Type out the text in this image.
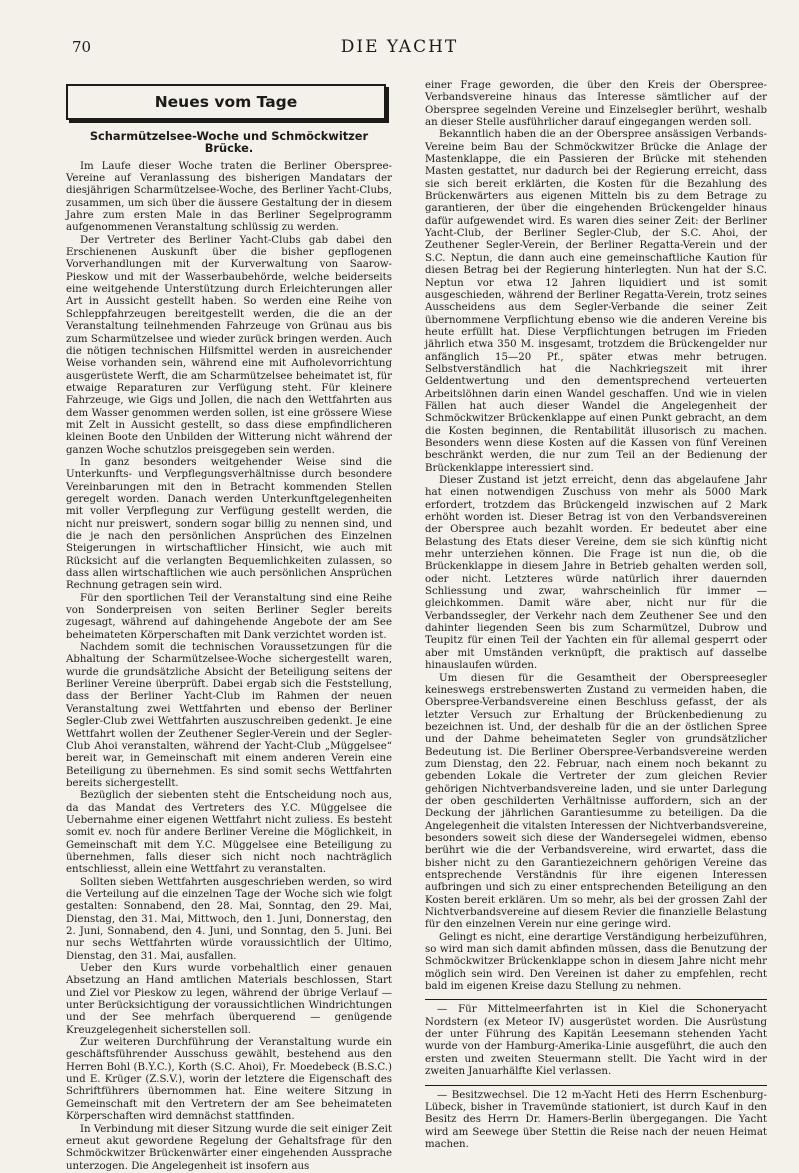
70	DIE YACHT
Neues vom Tage
Scharmützelsee-Woche und Schmöckwitzer Brücke.

Im Laufe dieser Woche traten die Berliner Oberspree-Vereine auf Veranlassung des bisherigen Mandatars der diesjährigen Scharmützelsee-Woche, des Berliner Yacht-Clubs, zusammen, um sich über die äussere Gestaltung der in diesem Jahre zum ersten Male in das Berliner Segelprogramm aufgenommenen Veranstaltung schlüssig zu werden.

Der Vertreter des Berliner Yacht-Clubs gab dabei den Erschienenen Auskunft über die bisher gepflogenen Vorverhandlungen mit der Kurverwaltung von Saarow-Pieskow und mit der Wasserbaubehörde, welche beiderseits eine weitgehende Unterstützung durch Erleichterungen aller Art in Aussicht gestellt haben. So werden eine Reihe von Schleppfahrzeugen bereitgestellt werden, die die an der Veranstaltung teilnehmenden Fahrzeuge von Grünau aus bis zum Scharmützelsee und wieder zurück bringen werden. Auch die nötigen technischen Hilfsmittel werden in ausreichender Weise vorhanden sein, während eine mit Aufholevorrichtung ausgerüstete Werft, die am Scharmützelsee beheimatet ist, für etwaige Reparaturen zur Verfügung steht. Für kleinere Fahrzeuge, wie Gigs und Jollen, die nach den Wettfahrten aus dem Wasser genommen werden sollen, ist eine grössere Wiese mit Zelt in Aussicht gestellt, so dass diese empfindlicheren kleinen Boote den Unbilden der Witterung nicht während der ganzen Woche schutzlos preisgegeben sein werden.

In ganz besonders weitgehender Weise sind die Unterkunfts- und Verpflegungsverhältnisse durch besondere Vereinbarungen mit den in Betracht kommenden Stellen geregelt worden. Danach werden Unterkunftgelegenheiten mit voller Verpflegung zur Verfügung gestellt werden, die nicht nur preiswert, sondern sogar billig zu nennen sind, und die je nach den persönlichen Ansprüchen des Einzelnen Steigerungen in wirtschaftlicher Hinsicht, wie auch mit Rücksicht auf die verlangten Bequemlichkeiten zulassen, so dass allen wirtschaftlichen wie auch persönlichen Ansprüchen Rechnung getragen sein wird.

Für den sportlichen Teil der Veranstaltung sind eine Reihe von Sonderpreisen von seiten Berliner Segler bereits zugesagt, während auf dahingehende Angebote der am See beheimateten Körperschaften mit Dank verzichtet worden ist.

Nachdem somit die technischen Voraussetzungen für die Abhaltung der Scharmützelsee-Woche sichergestellt waren, wurde die grundsätzliche Absicht der Beteiligung seitens der Berliner Vereine überprüft. Dabei ergab sich die Feststellung, dass der Berliner Yacht-Club im Rahmen der neuen Veranstaltung zwei Wettfahrten und ebenso der Berliner Segler-Club zwei Wettfahrten auszuschreiben gedenkt. Je eine Wettfahrt wollen der Zeuthener Segler-Verein und der Segler-Club Ahoi veranstalten, während der Yacht-Club „Müggelsee“ bereit war, in Gemeinschaft mit einem anderen Verein eine Beteiligung zu übernehmen. Es sind somit sechs Wettfahrten bereits sichergestellt.

Bezüglich der siebenten steht die Entscheidung noch aus, da das Mandat des Vertreters des Y.C. Müggelsee die Uebernahme einer eigenen Wettfahrt nicht zuliess. Es besteht somit ev. noch für andere Berliner Vereine die Möglichkeit, in Gemeinschaft mit dem Y.C. Müggelsee eine Beteiligung zu übernehmen, falls dieser sich nicht noch nachträglich entschliesst, allein eine Wettfahrt zu veranstalten.

Sollten sieben Wettfahrten ausgeschrieben werden, so wird die Verteilung auf die einzelnen Tage der Woche sich wie folgt gestalten: Sonnabend, den 28. Mai, Sonntag, den 29. Mai, Dienstag, den 31. Mai, Mittwoch, den 1. Juni, Donnerstag, den 2. Juni, Sonnabend, den 4. Juni, und Sonntag, den 5. Juni. Bei nur sechs Wettfahrten würde voraussichtlich der Ultimo, Dienstag, den 31. Mai, ausfallen.

Ueber den Kurs wurde vorbehaltlich einer genauen Absetzung an Hand amtlichen Materials beschlossen, Start und Ziel vor Pieskow zu legen, während der übrige Verlauf — unter Berücksichtigung der voraussichtlichen Windrichtungen und der See mehrfach überquerend — genügende Kreuzgelegenheit sicherstellen soll.

Zur weiteren Durchführung der Veranstaltung wurde ein geschäftsführender Ausschuss gewählt, bestehend aus den Herren Bohl (B.Y.C.), Korth (S.C. Ahoi), Fr. Moedebeck (B.S.C.) und E. Krüger (Z.S.V.), worin der letztere die Eigenschaft des Schriftführers übernommen hat. Eine weitere Sitzung in Gemeinschaft mit den Vertretern der am See beheimateten Körperschaften wird demnächst stattfinden.

In Verbindung mit dieser Sitzung wurde die seit einiger Zeit erneut akut gewordene Regelung der Gehaltsfrage für den Schmöckwitzer Brückenwärter einer eingehenden Aussprache unterzogen. Die Angelegenheit ist insofern aus

einer Frage geworden, die über den Kreis der Oberspree-Verbandsvereine hinaus das Interesse sämtlicher auf der Oberspree segelnden Vereine und Einzelsegler berührt, weshalb an dieser Stelle ausführlicher darauf eingegangen werden soll.

Bekanntlich haben die an der Oberspree ansässigen Verbands-Vereine beim Bau der Schmöckwitzer Brücke die Anlage der Mastenklappe, die ein Passieren der Brücke mit stehenden Masten gestattet, nur dadurch bei der Regierung erreicht, dass sie sich bereit erklärten, die Kosten für die Bezahlung des Brückenwärters aus eigenen Mitteln bis zu dem Betrage zu garantieren, der über die eingehenden Brückengelder hinaus dafür aufgewendet wird. Es waren dies seiner Zeit: der Berliner Yacht-Club, der Berliner Segler-Club, der S.C. Ahoi, der Zeuthener Segler-Verein, der Berliner Regatta-Verein und der S.C. Neptun, die dann auch eine gemeinschaftliche Kaution für diesen Betrag bei der Regierung hinterlegten. Nun hat der S.C. Neptun vor etwa 12 Jahren liquidiert und ist somit ausgeschieden, während der Berliner Regatta-Verein, trotz seines Ausscheidens aus dem Segler-Verbande die seiner Zeit übernommene Verpflichtung ebenso wie die anderen Vereine bis heute erfüllt hat. Diese Verpflichtungen betrugen im Frieden jährlich etwa 350 M. insgesamt, trotzdem die Brückengelder nur anfänglich 15—20 Pf., später etwas mehr betrugen. Selbstverständlich hat die Nachkriegszeit mit ihrer Geldentwertung und den dementsprechend verteuerten Arbeitslöhnen darin einen Wandel geschaffen. Und wie in vielen Fällen hat auch dieser Wandel die Angelegenheit der Schmöckwitzer Brückenklappe auf einen Punkt gebracht, an dem die Kosten beginnen, die Rentabilität illusorisch zu machen. Besonders wenn diese Kosten auf die Kassen von fünf Vereinen beschränkt werden, die nur zum Teil an der Bedienung der Brückenklappe interessiert sind.

Dieser Zustand ist jetzt erreicht, denn das abgelaufene Jahr hat einen notwendigen Zuschuss von mehr als 5000 Mark erfordert, trotzdem das Brückengeld inzwischen auf 2 Mark erhöht worden ist. Dieser Betrag ist von den Verbandsvereinen der Oberspree auch bezahlt worden. Er bedeutet aber eine Belastung des Etats dieser Vereine, dem sie sich künftig nicht mehr unterziehen können. Die Frage ist nun die, ob die Brückenklappe in diesem Jahre in Betrieb gehalten werden soll, oder nicht. Letzteres würde natürlich ihrer dauernden Schliessung und zwar, wahrscheinlich für immer — gleichkommen. Damit wäre aber, nicht nur für die Verbandssegler, der Verkehr nach dem Zeuthener See und den dahinter liegenden Seen bis zum Scharmützel, Dubrow und Teupitz für einen Teil der Yachten ein für allemal gesperrt oder aber mit Umständen verknüpft, die praktisch auf dasselbe hinauslaufen würden.

Um diesen für die Gesamtheit der Oberspreesegler keineswegs erstrebenswerten Zustand zu vermeiden haben, die Oberspree-Verbandsvereine einen Beschluss gefasst, der als letzter Versuch zur Erhaltung der Brückenbedienung zu bezeichnen ist. Und, der deshalb für die an der östlichen Spree und der Dahme beheimateten Segler von grundsätzlicher Bedeutung ist. Die Berliner Oberspree-Verbandsvereine werden zum Dienstag, den 22. Februar, nach einem noch bekannt zu gebenden Lokale die Vertreter der zum gleichen Revier gehörigen Nichtverbandsvereine laden, und sie unter Darlegung der oben geschilderten Verhältnisse auffordern, sich an der Deckung der jährlichen Garantiesumme zu beteiligen. Da die Angelegenheit die vitalsten Interessen der Nichtverbandsvereine, besonders soweit sich diese der Wandersegelei widmen, ebenso berührt wie die der Verbandsvereine, wird erwartet, dass die bisher nicht zu den Garantiezeichnern gehörigen Vereine das entsprechende Verständnis für ihre eigenen Interessen aufbringen und sich zu einer entsprechenden Beteiligung an den Kosten bereit erklären. Um so mehr, als bei der grossen Zahl der Nichtverbandsvereine auf diesem Revier die finanzielle Belastung für den einzelnen Verein nur eine geringe wird.

Gelingt es nicht, eine derartige Verständigung herbeizuführen, so wird man sich damit abfinden müssen, dass die Benutzung der Schmöckwitzer Brückenklappe schon in diesem Jahre nicht mehr möglich sein wird. Den Vereinen ist daher zu empfehlen, recht bald im eigenen Kreise dazu Stellung zu nehmen.

— Für Mittelmeerfahrten ist in Kiel die Schoneryacht Nordstern (ex Meteor IV) ausgerüstet worden. Die Ausrüstung der unter Führung des Kapitän Leesemann stehenden Yacht wurde von der Hamburg-Amerika-Linie ausgeführt, die auch den ersten und zweiten Steuermann stellt. Die Yacht wird in der zweiten Januarhälfte Kiel verlassen.

— Besitzwechsel. Die 12 m-Yacht Heti des Herrn Eschenburg-Lübeck, bisher in Travemünde stationiert, ist durch Kauf in den Besitz des Herrn Dr. Hamers-Berlin übergegangen. Die Yacht wird am Seewege über Stettin die Reise nach der neuen Heimat machen.
